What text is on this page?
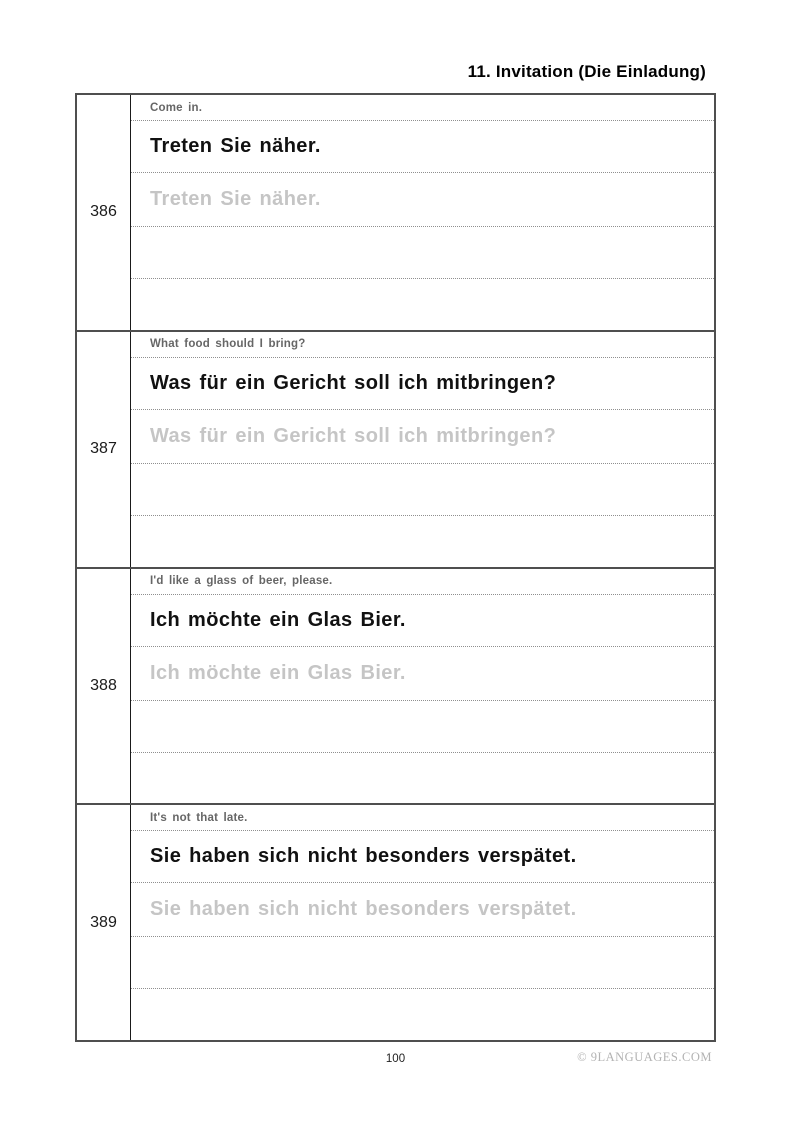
11. Invitation (Die Einladung)
386
Come in.
Treten Sie näher.
Treten Sie näher.
387
What food should I bring?
Was für ein Gericht soll ich mitbringen?
Was für ein Gericht soll ich mitbringen?
388
I'd like a glass of beer, please.
Ich möchte ein Glas Bier.
Ich möchte ein Glas Bier.
389
It's not that late.
Sie haben sich nicht besonders verspätet.
Sie haben sich nicht besonders verspätet.
100	© 9LANGUAGES.COM
